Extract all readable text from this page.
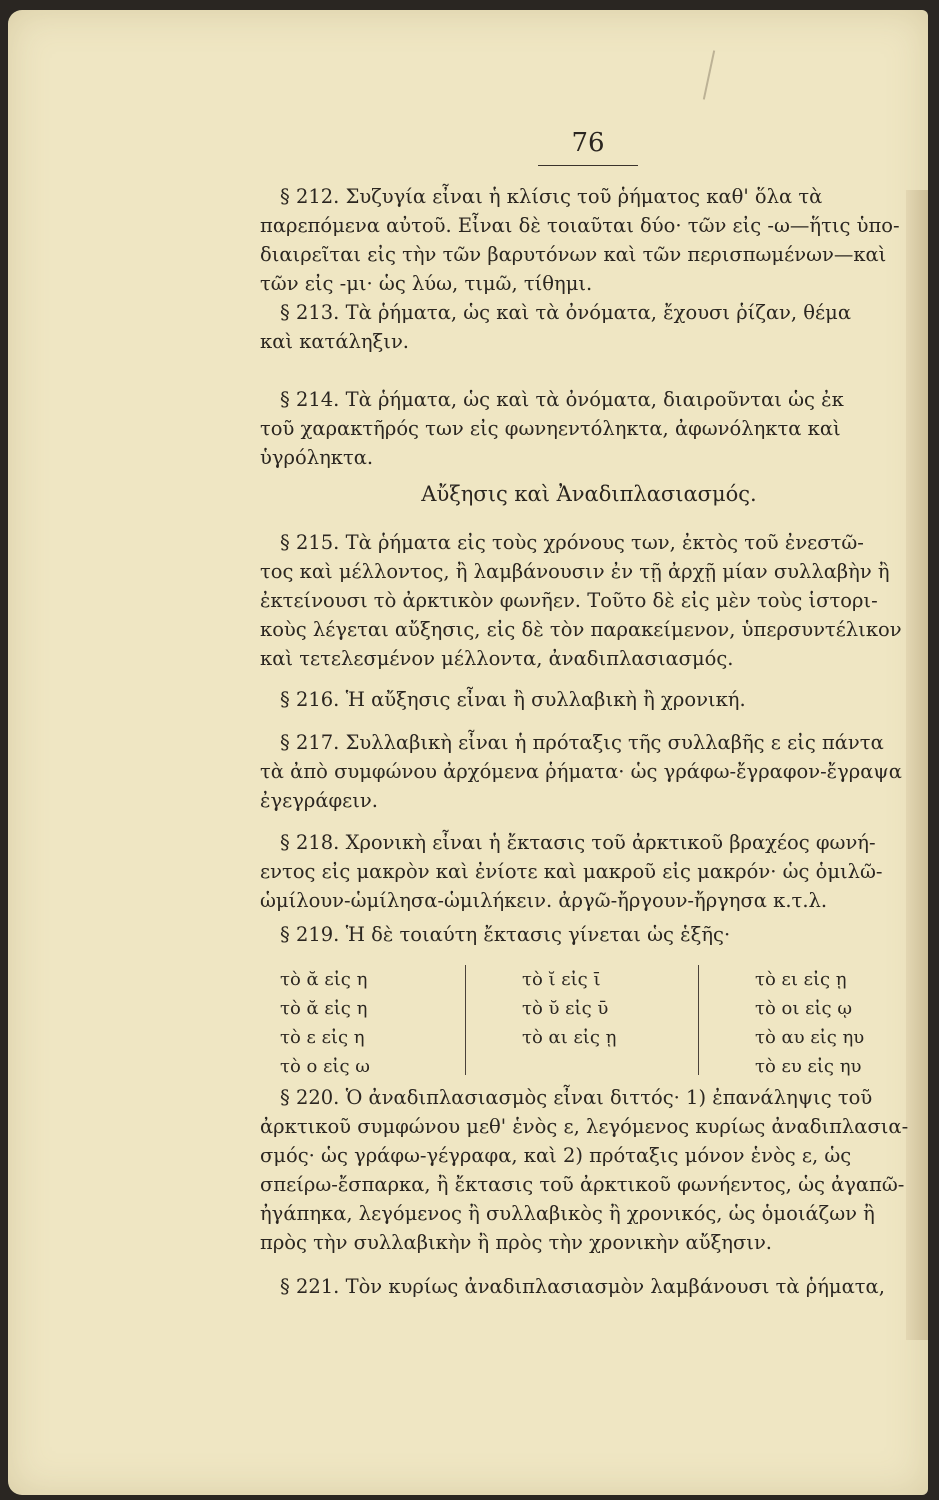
76
§ 212. Συζυγία εἶναι ἡ κλίσις τοῦ ῥήματος καθ' ὅλα τὰ
παρεπόμενα αὐτοῦ. Εἶναι δὲ τοιαῦται δύο· τῶν εἰς -ω—ἥτις ὑπο-
διαιρεῖται εἰς τὴν τῶν βαρυτόνων καὶ τῶν περισπωμένων—καὶ
τῶν εἰς -μι· ὡς λύω, τιμῶ, τίθημι.
§ 213. Τὰ ῥήματα, ὡς καὶ τὰ ὀνόματα, ἔχουσι ῥίζαν, θέμα
καὶ κατάληξιν.
§ 214. Τὰ ῥήματα, ὡς καὶ τὰ ὀνόματα, διαιροῦνται ὡς ἐκ
τοῦ χαρακτῆρός των εἰς φωνηεντόληκτα, ἀφωνόληκτα καὶ
ὑγρόληκτα.
Αὔξησις καὶ Ἀναδιπλασιασμός.
§ 215. Τὰ ῥήματα εἰς τοὺς χρόνους των, ἐκτὸς τοῦ ἐνεστῶ-
τος καὶ μέλλοντος, ἢ λαμβάνουσιν ἐν τῇ ἀρχῇ μίαν συλλαβὴν ἢ
ἐκτείνουσι τὸ ἀρκτικὸν φωνῆεν. Τοῦτο δὲ εἰς μὲν τοὺς ἱστορι-
κοὺς λέγεται αὔξησις, εἰς δὲ τὸν παρακείμενον, ὑπερσυντέλικον
καὶ τετελεσμένον μέλλοντα, ἀναδιπλασιασμός.
§ 216. Ἡ αὔξησις εἶναι ἢ συλλαβικὴ ἢ χρονική.
§ 217. Συλλαβικὴ εἶναι ἡ πρόταξις τῆς συλλαβῆς ε εἰς πάντα
τὰ ἀπὸ συμφώνου ἀρχόμενα ῥήματα· ὡς γράφω-ἔγραφον-ἔγραψα
ἐγεγράφειν.
§ 218. Χρονικὴ εἶναι ἡ ἔκτασις τοῦ ἀρκτικοῦ βραχέος φωνή-
εντος εἰς μακρὸν καὶ ἐνίοτε καὶ μακροῦ εἰς μακρόν· ὡς ὁμιλῶ-
ὡμίλουν-ὡμίλησα-ὡμιλήκειν. ἀργῶ-ἤργουν-ἤργησα κ.τ.λ.
§ 219. Ἡ δὲ τοιαύτη ἔκτασις γίνεται ὡς ἑξῆς·
τὸ ᾰ εἰς η
τὸ ᾰ εἰς η
τὸ ε εἰς η
τὸ ο εἰς ω
τὸ ῐ εἰς ῑ
τὸ ῠ εἰς ῡ
τὸ αι εἰς ῃ
τὸ ει εἰς ῃ
τὸ οι εἰς ῳ
τὸ αυ εἰς ηυ
τὸ ευ εἰς ηυ
§ 220. Ὁ ἀναδιπλασιασμὸς εἶναι διττός· 1) ἐπανάληψις τοῦ
ἀρκτικοῦ συμφώνου μεθ' ἑνὸς ε, λεγόμενος κυρίως ἀναδιπλασια-
σμός· ὡς γράφω-γέγραφα, καὶ 2) πρόταξις μόνον ἑνὸς ε, ὡς
σπείρω-ἔσπαρκα, ἢ ἔκτασις τοῦ ἀρκτικοῦ φωνήεντος, ὡς ἀγαπῶ-
ἠγάπηκα, λεγόμενος ἢ συλλαβικὸς ἢ χρονικός, ὡς ὁμοιάζων ἢ
πρὸς τὴν συλλαβικὴν ἢ πρὸς τὴν χρονικὴν αὔξησιν.
§ 221. Τὸν κυρίως ἀναδιπλασιασμὸν λαμβάνουσι τὰ ῥήματα,
